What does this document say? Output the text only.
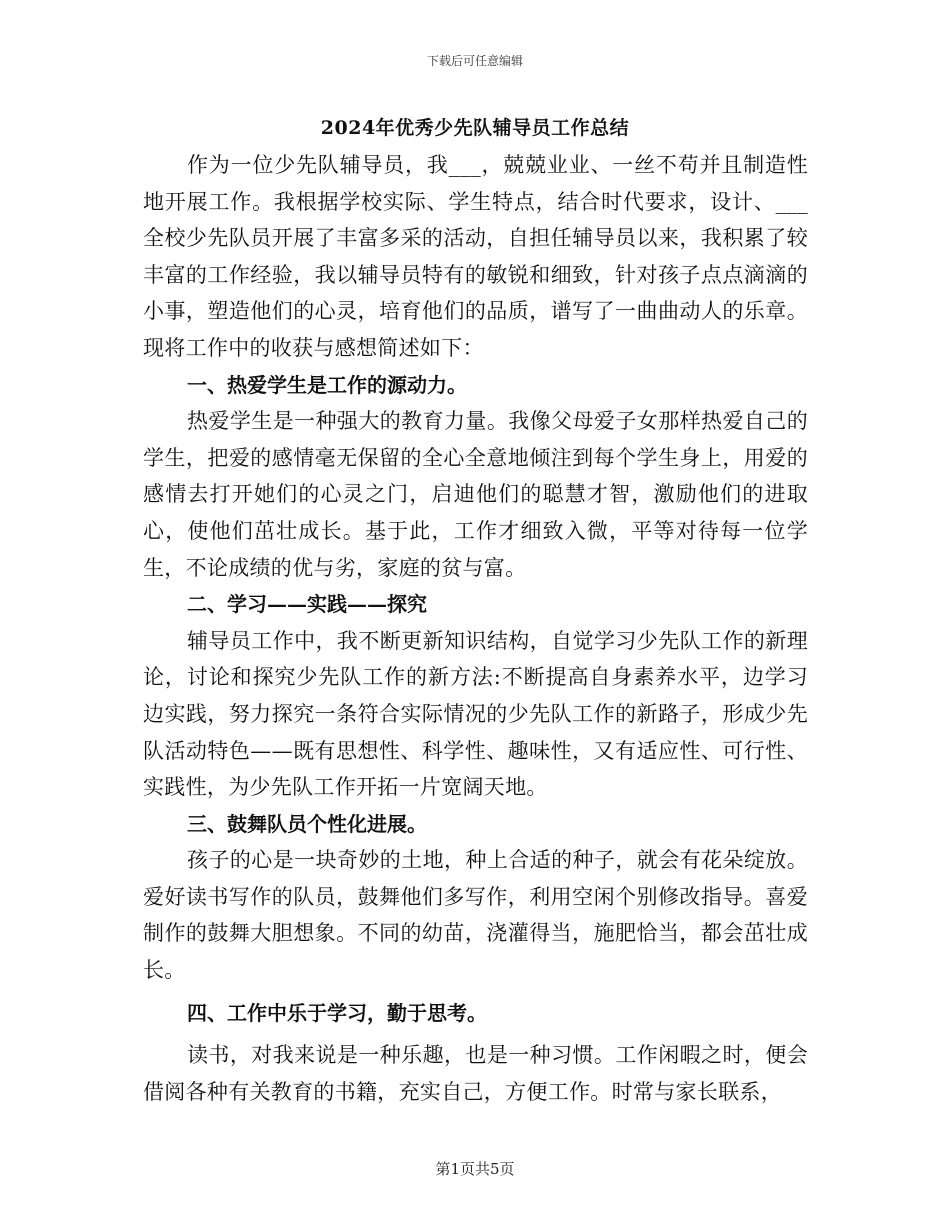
下载后可任意编辑
2024年优秀少先队辅导员工作总结

作为一位少先队辅导员，我___，兢兢业业、一丝不苟并且制造性地开展工作。我根据学校实际、学生特点，结合时代要求，设计、___全校少先队员开展了丰富多采的活动，自担任辅导员以来，我积累了较丰富的工作经验，我以辅导员特有的敏锐和细致，针对孩子点点滴滴的小事，塑造他们的心灵，培育他们的品质，谱写了一曲曲动人的乐章。现将工作中的收获与感想简述如下：

一、热爱学生是工作的源动力。

热爱学生是一种强大的教育力量。我像父母爱子女那样热爱自己的学生，把爱的感情毫无保留的全心全意地倾注到每个学生身上，用爱的感情去打开她们的心灵之门，启迪他们的聪慧才智，激励他们的进取心，使他们茁壮成长。基于此，工作才细致入微，平等对待每一位学生，不论成绩的优与劣，家庭的贫与富。

二、学习——实践——探究

辅导员工作中，我不断更新知识结构，自觉学习少先队工作的新理论，讨论和探究少先队工作的新方法:不断提高自身素养水平，边学习边实践，努力探究一条符合实际情况的少先队工作的新路子，形成少先队活动特色——既有思想性、科学性、趣味性，又有适应性、可行性、实践性，为少先队工作开拓一片宽阔天地。

三、鼓舞队员个性化进展。

孩子的心是一块奇妙的土地，种上合适的种子，就会有花朵绽放。爱好读书写作的队员，鼓舞他们多写作，利用空闲个别修改指导。喜爱制作的鼓舞大胆想象。不同的幼苗，浇灌得当，施肥恰当，都会茁壮成长。

四、工作中乐于学习，勤于思考。

读书，对我来说是一种乐趣，也是一种习惯。工作闲暇之时，便会借阅各种有关教育的书籍，充实自己，方便工作。时常与家长联系，

第1页共5页
